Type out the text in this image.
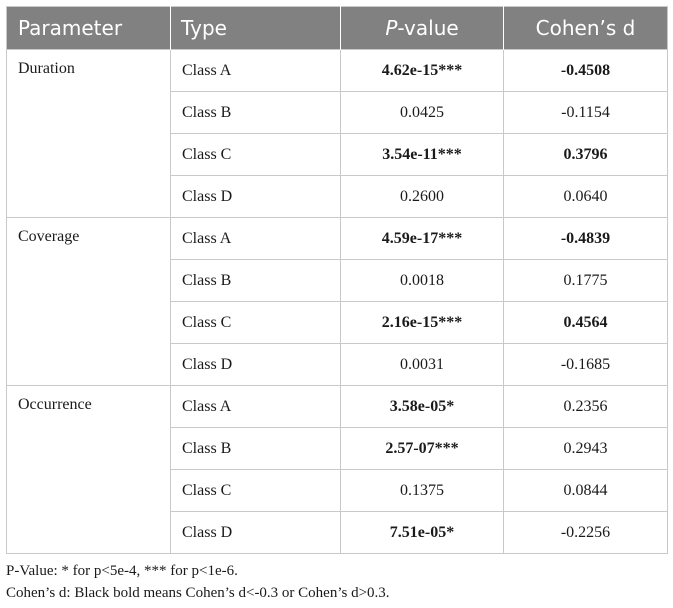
Parameter	Type	P-value	Cohen’s d
Duration	Class A	4.62e-15***	-0.4508
	Class B	0.0425	-0.1154
	Class C	3.54e-11***	0.3796
	Class D	0.2600	0.0640
Coverage	Class A	4.59e-17***	-0.4839
	Class B	0.0018	0.1775
	Class C	2.16e-15***	0.4564
	Class D	0.0031	-0.1685
Occurrence	Class A	3.58e-05*	0.2356
	Class B	2.57-07***	0.2943
	Class C	0.1375	0.0844
	Class D	7.51e-05*	-0.2256
P-Value: * for p<5e-4, *** for p<1e-6.
Cohen’s d: Black bold means Cohen’s d<-0.3 or Cohen’s d>0.3.
